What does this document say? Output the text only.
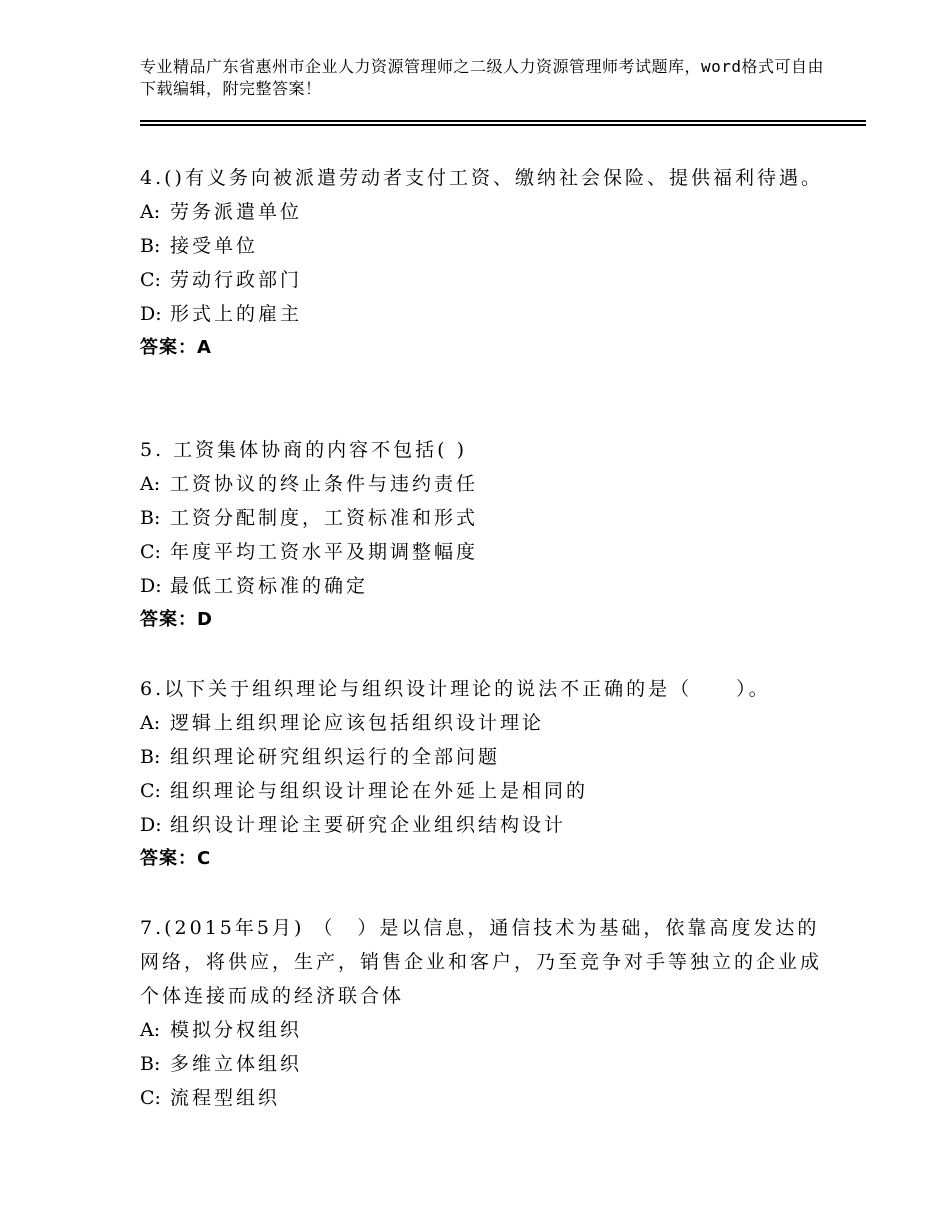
专业精品广东省惠州市企业人力资源管理师之二级人力资源管理师考试题库，word格式可自由下载编辑，附完整答案！
4.()有义务向被派遣劳动者支付工资、缴纳社会保险、提供福利待遇。
A: 劳务派遣单位
B: 接受单位
C: 劳动行政部门
D: 形式上的雇主
答案：A
5. 工资集体协商的内容不包括( )
A: 工资协议的终止条件与违约责任
B: 工资分配制度，工资标准和形式
C: 年度平均工资水平及期调整幅度
D: 最低工资标准的确定
答案：D
6.以下关于组织理论与组织设计理论的说法不正确的是（　　）。
A: 逻辑上组织理论应该包括组织设计理论
B: 组织理论研究组织运行的全部问题
C: 组织理论与组织设计理论在外延上是相同的
D: 组织设计理论主要研究企业组织结构设计
答案：C
7.(2015年5月) （　）是以信息，通信技术为基础，依靠高度发达的网络，将供应，生产，销售企业和客户，乃至竞争对手等独立的企业成个体连接而成的经济联合体
A: 模拟分权组织
B: 多维立体组织
C: 流程型组织
